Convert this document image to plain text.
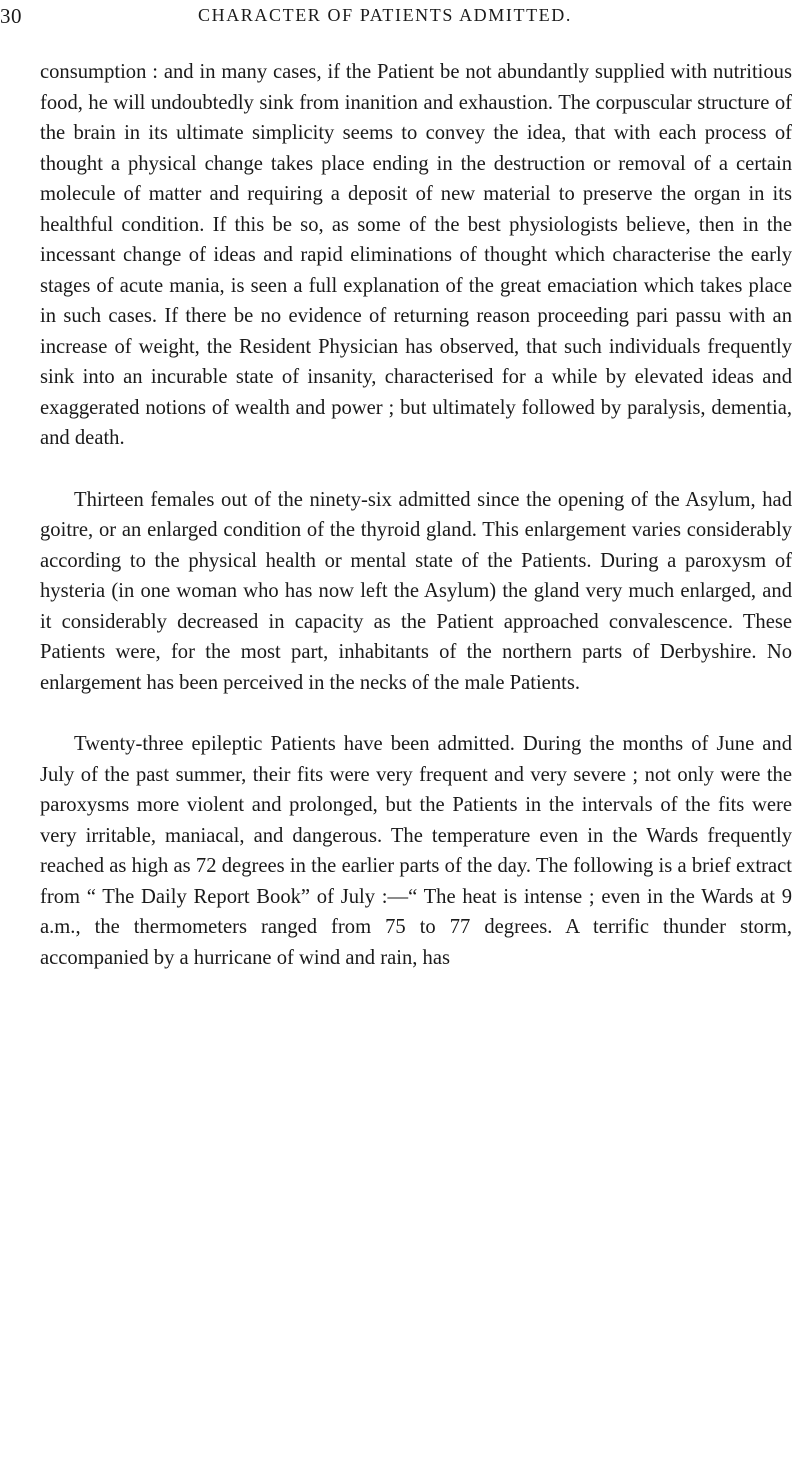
30	CHARACTER OF PATIENTS ADMITTED.

consumption : and in many cases, if the Patient be not abundantly supplied with nutritious food, he will undoubtedly sink from inanition and exhaustion. The corpuscular structure of the brain in its ultimate simplicity seems to convey the idea, that with each process of thought a physical change takes place ending in the destruction or removal of a certain molecule of matter and requiring a deposit of new material to preserve the organ in its healthful condition. If this be so, as some of the best physiologists believe, then in the incessant change of ideas and rapid eliminations of thought which characterise the early stages of acute mania, is seen a full explanation of the great emaciation which takes place in such cases. If there be no evidence of returning reason proceeding pari passu with an increase of weight, the Resident Physician has observed, that such individuals frequently sink into an incurable state of insanity, characterised for a while by elevated ideas and exaggerated notions of wealth and power ; but ultimately followed by paralysis, dementia, and death.

Thirteen females out of the ninety-six admitted since the opening of the Asylum, had goitre, or an enlarged condition of the thyroid gland. This enlargement varies considerably according to the physical health or mental state of the Patients. During a paroxysm of hysteria (in one woman who has now left the Asylum) the gland very much enlarged, and it considerably decreased in capacity as the Patient approached convalescence. These Patients were, for the most part, inhabitants of the northern parts of Derbyshire. No enlargement has been perceived in the necks of the male Patients.

Twenty-three epileptic Patients have been admitted. During the months of June and July of the past summer, their fits were very frequent and very severe ; not only were the paroxysms more violent and prolonged, but the Patients in the intervals of the fits were very irritable, maniacal, and dangerous. The temperature even in the Wards frequently reached as high as 72 degrees in the earlier parts of the day. The following is a brief extract from “ The Daily Report Book” of July :—“ The heat is intense ; even in the Wards at 9 a.m., the thermometers ranged from 75 to 77 degrees. A terrific thunder storm, accompanied by a hurricane of wind and rain, has
